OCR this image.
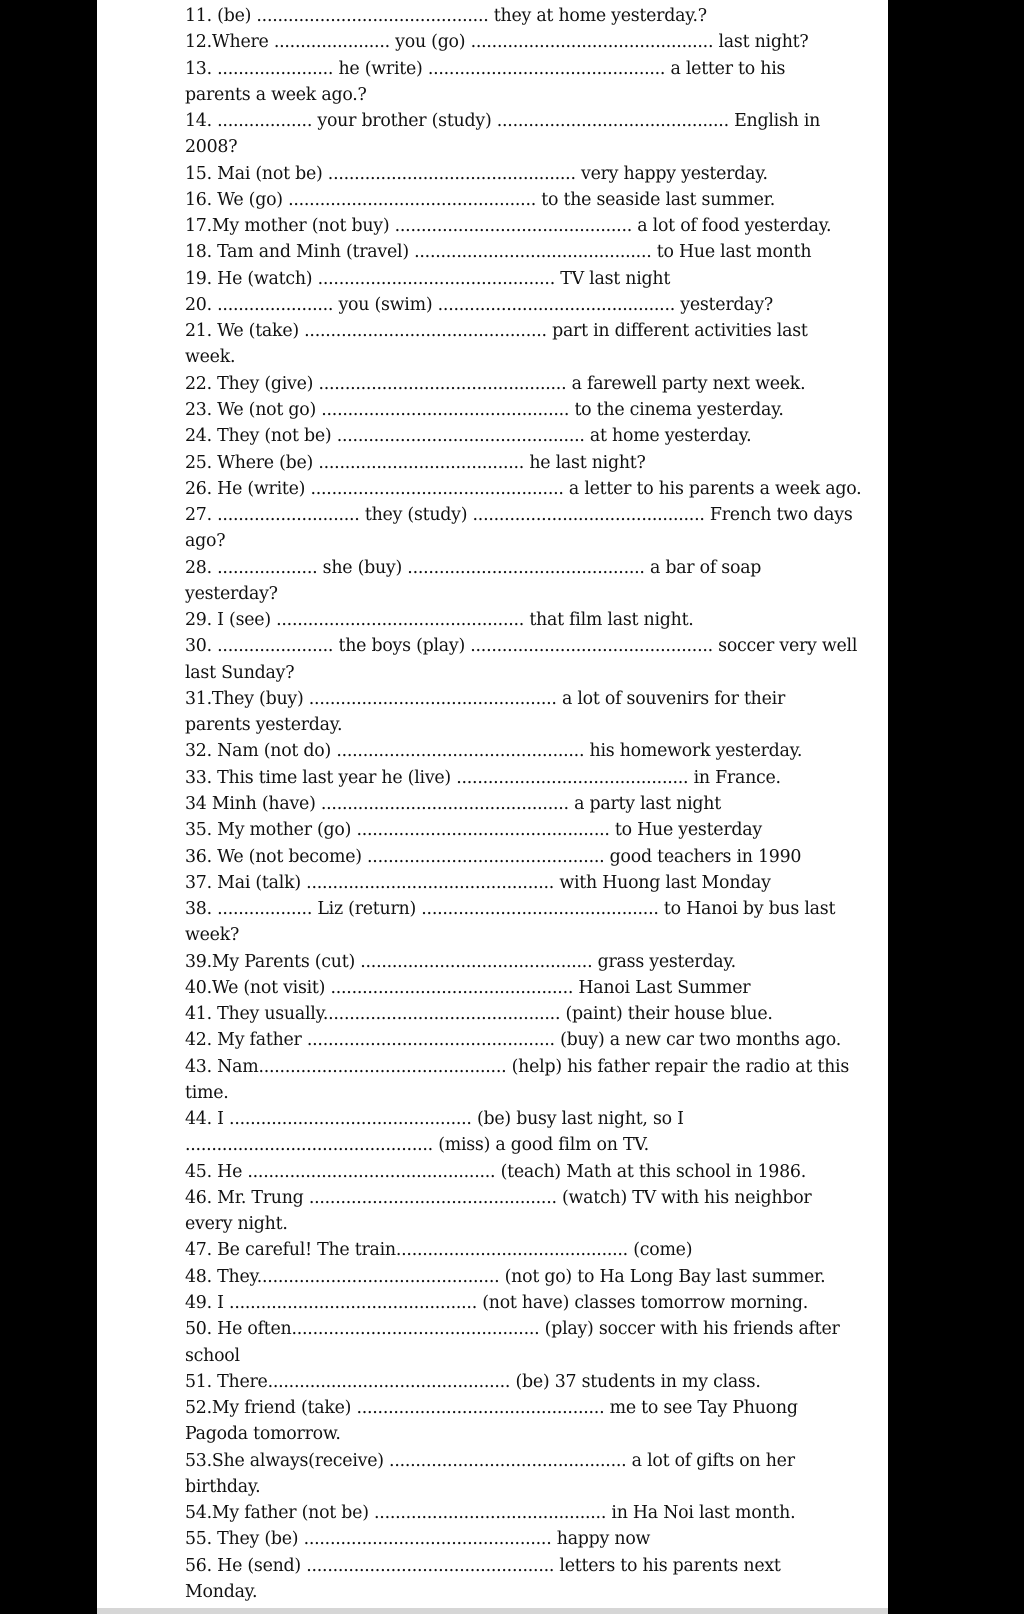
11. (be) ............................................ they at home yesterday.?
12.Where ...................... you (go) .............................................. last night?
13. ...................... he (write) ............................................. a letter to his
parents a week ago.?
14. .................. your brother (study) ............................................ English in
2008?
15. Mai (not be) ............................................... very happy yesterday.
16. We (go) ............................................... to the seaside last summer.
17.My mother (not buy) ............................................. a lot of food yesterday.
18. Tam and Minh (travel) ............................................. to Hue last month
19. He (watch) ............................................. TV last night
20. ...................... you (swim) ............................................. yesterday?
21. We (take) .............................................. part in different activities last
week.
22. They (give) ............................................... a farewell party next week.
23. We (not go) ............................................... to the cinema yesterday.
24. They (not be) ............................................... at home yesterday.
25. Where (be) ....................................... he last night?
26. He (write) ................................................ a letter to his parents a week ago.
27. ........................... they (study) ............................................ French two days
ago?
28. ................... she (buy) ............................................. a bar of soap
yesterday?
29. I (see) ............................................... that film last night.
30. ...................... the boys (play) .............................................. soccer very well
last Sunday?
31.They (buy) ............................................... a lot of souvenirs for their
parents yesterday.
32. Nam (not do) ............................................... his homework yesterday.
33. This time last year he (live) ............................................ in France.
34 Minh (have) ............................................... a party last night
35. My mother (go) ................................................ to Hue yesterday
36. We (not become) ............................................. good teachers in 1990
37. Mai (talk) ............................................... with Huong last Monday
38. .................. Liz (return) ............................................. to Hanoi by bus last
week?
39.My Parents (cut) ............................................ grass yesterday.
40.We (not visit) .............................................. Hanoi Last Summer
41. They usually............................................. (paint) their house blue.
42. My father ............................................... (buy) a new car two months ago.
43. Nam............................................... (help) his father repair the radio at this
time.
44. I .............................................. (be) busy last night, so I
............................................... (miss) a good film on TV.
45. He ............................................... (teach) Math at this school in 1986.
46. Mr. Trung ............................................... (watch) TV with his neighbor
every night.
47. Be careful! The train............................................ (come)
48. They.............................................. (not go) to Ha Long Bay last summer.
49. I ............................................... (not have) classes tomorrow morning.
50. He often............................................... (play) soccer with his friends after
school
51. There.............................................. (be) 37 students in my class.
52.My friend (take) ............................................... me to see Tay Phuong
Pagoda tomorrow.
53.She always(receive) ............................................. a lot of gifts on her
birthday.
54.My father (not be) ............................................ in Ha Noi last month.
55. They (be) ............................................... happy now
56. He (send) ............................................... letters to his parents next
Monday.
